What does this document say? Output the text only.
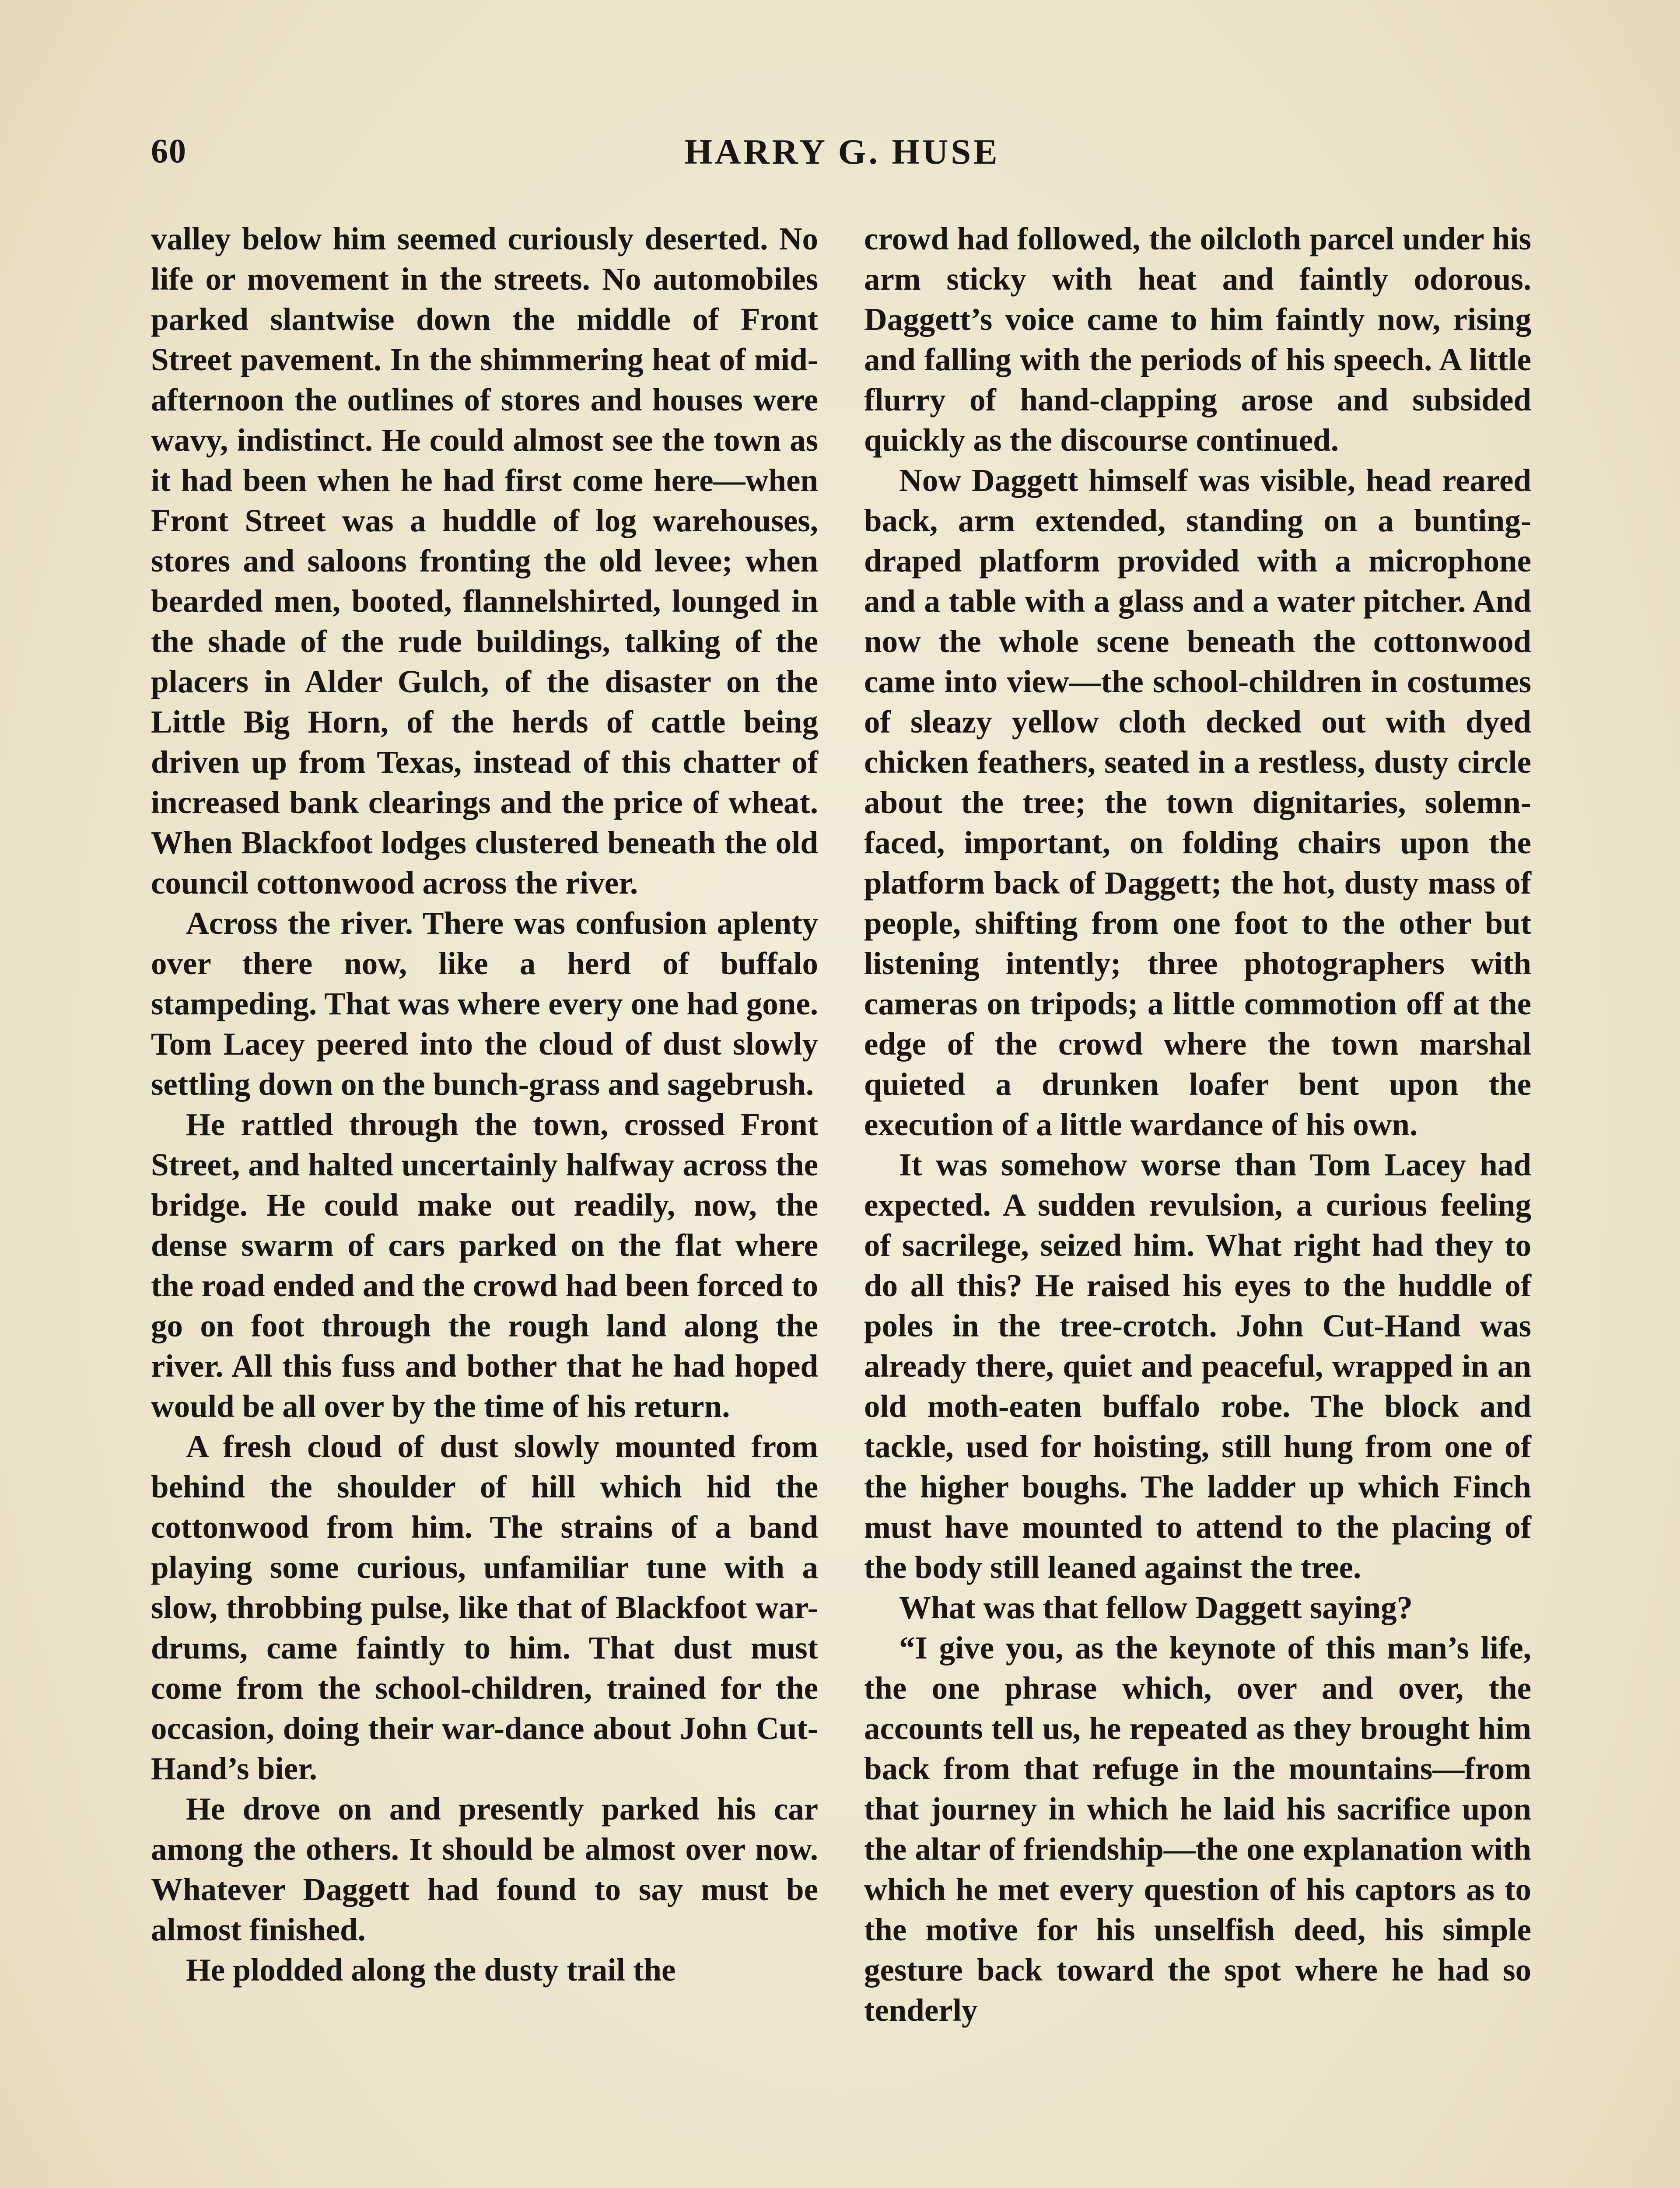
60	HARRY G. HUSE

valley below him seemed curiously deserted. No life or movement in the streets. No automobiles parked slantwise down the middle of Front Street pavement. In the shimmering heat of mid-afternoon the outlines of stores and houses were wavy, indistinct. He could almost see the town as it had been when he had first come here—when Front Street was a huddle of log warehouses, stores and saloons fronting the old levee; when bearded men, booted, flannelshirted, lounged in the shade of the rude buildings, talking of the placers in Alder Gulch, of the disaster on the Little Big Horn, of the herds of cattle being driven up from Texas, instead of this chatter of increased bank clearings and the price of wheat. When Blackfoot lodges clustered beneath the old council cottonwood across the river.

Across the river. There was confusion aplenty over there now, like a herd of buffalo stampeding. That was where every one had gone. Tom Lacey peered into the cloud of dust slowly settling down on the bunch-grass and sagebrush.

He rattled through the town, crossed Front Street, and halted uncertainly halfway across the bridge. He could make out readily, now, the dense swarm of cars parked on the flat where the road ended and the crowd had been forced to go on foot through the rough land along the river. All this fuss and bother that he had hoped would be all over by the time of his return.

A fresh cloud of dust slowly mounted from behind the shoulder of hill which hid the cottonwood from him. The strains of a band playing some curious, unfamiliar tune with a slow, throbbing pulse, like that of Blackfoot war-drums, came faintly to him. That dust must come from the school-children, trained for the occasion, doing their war-dance about John Cut-Hand’s bier.

He drove on and presently parked his car among the others. It should be almost over now. Whatever Daggett had found to say must be almost finished.

He plodded along the dusty trail the

crowd had followed, the oilcloth parcel under his arm sticky with heat and faintly odorous. Daggett’s voice came to him faintly now, rising and falling with the periods of his speech. A little flurry of hand-clapping arose and subsided quickly as the discourse continued.

Now Daggett himself was visible, head reared back, arm extended, standing on a bunting-draped platform provided with a microphone and a table with a glass and a water pitcher. And now the whole scene beneath the cottonwood came into view—the school-children in costumes of sleazy yellow cloth decked out with dyed chicken feathers, seated in a restless, dusty circle about the tree; the town dignitaries, solemn-faced, important, on folding chairs upon the platform back of Daggett; the hot, dusty mass of people, shifting from one foot to the other but listening intently; three photographers with cameras on tripods; a little commotion off at the edge of the crowd where the town marshal quieted a drunken loafer bent upon the execution of a little wardance of his own.

It was somehow worse than Tom Lacey had expected. A sudden revulsion, a curious feeling of sacrilege, seized him. What right had they to do all this? He raised his eyes to the huddle of poles in the tree-crotch. John Cut-Hand was already there, quiet and peaceful, wrapped in an old moth-eaten buffalo robe. The block and tackle, used for hoisting, still hung from one of the higher boughs. The ladder up which Finch must have mounted to attend to the placing of the body still leaned against the tree.

What was that fellow Daggett saying?

“I give you, as the keynote of this man’s life, the one phrase which, over and over, the accounts tell us, he repeated as they brought him back from that refuge in the mountains—from that journey in which he laid his sacrifice upon the altar of friendship—the one explanation with which he met every question of his captors as to the motive for his unselfish deed, his simple gesture back toward the spot where he had so tenderly
